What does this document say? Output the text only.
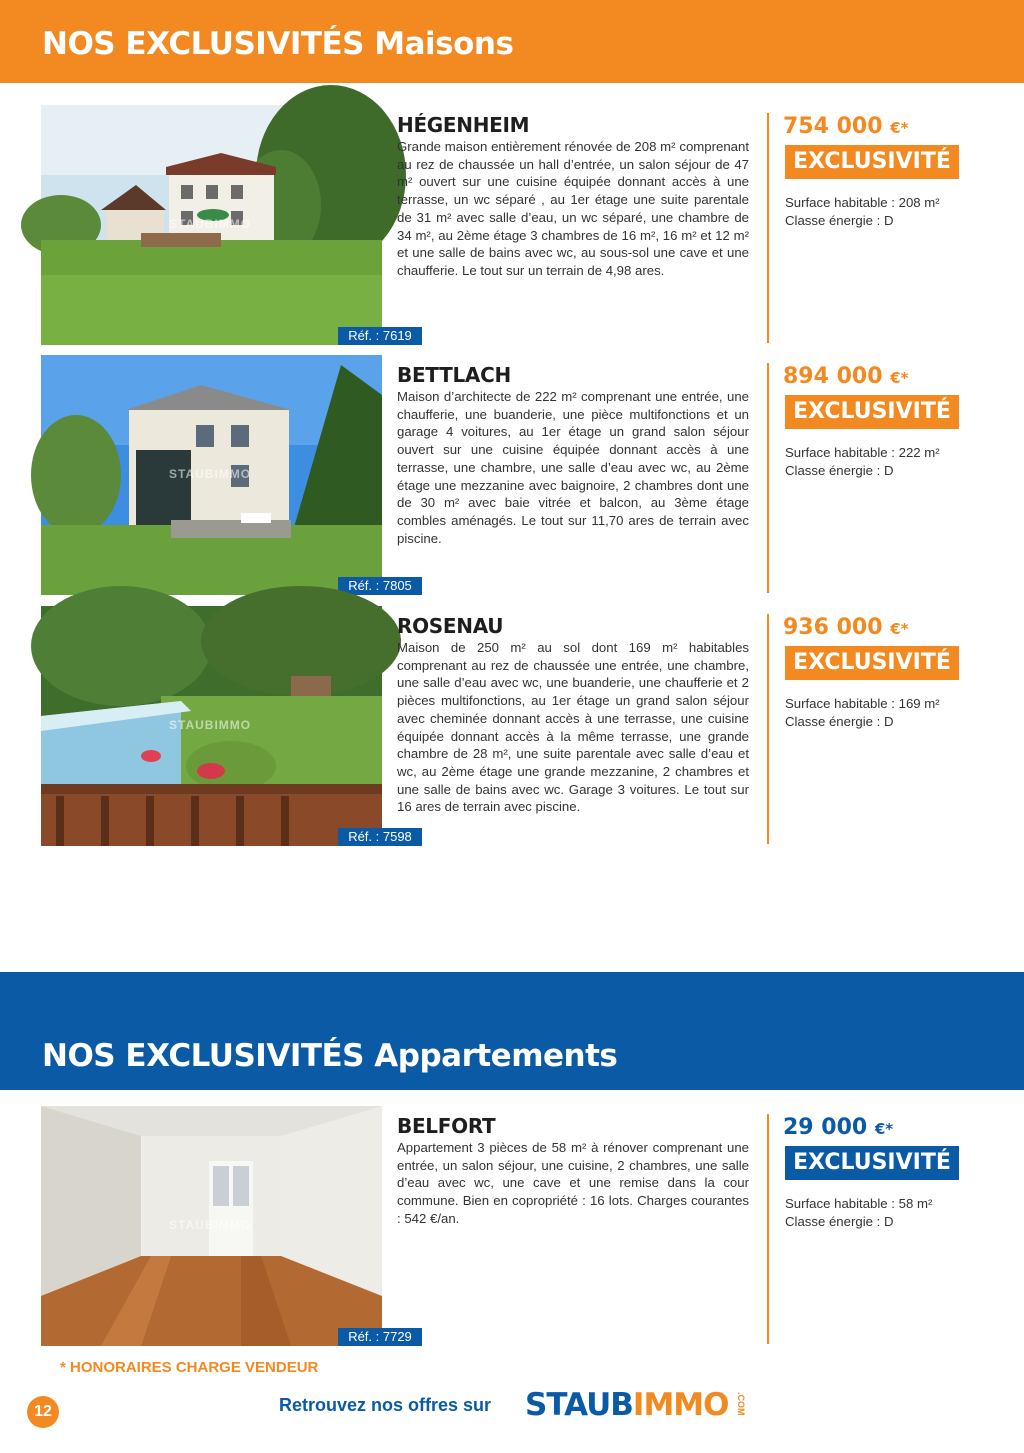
NOS EXCLUSIVITÉS Maisons
STAUBIMMO
Réf. : 7619
HÉGENHEIM
Grande maison entièrement rénovée de 208 m² comprenant au rez de chaussée un hall d’entrée, un salon séjour de 47 m² ouvert sur une cuisine équipée donnant accès à une terrasse, un wc séparé , au 1er étage une suite parentale de 31 m² avec salle d’eau, un wc séparé, une chambre de 34 m², au 2ème étage 3 chambres de 16 m², 16 m² et 12 m² et une salle de bains avec wc, au sous-sol une cave et une chaufferie. Le tout sur un terrain de 4,98 ares.
754 000 €*
EXCLUSIVITÉ
Surface habitable : 208 m²
Classe énergie : D
STAUBIMMO
Réf. : 7805
BETTLACH
Maison d’architecte de 222 m² comprenant une entrée, une chaufferie, une buanderie, une pièce multifonctions et un garage 4 voitures, au 1er étage un grand salon séjour ouvert sur une cuisine équipée donnant accès à une terrasse, une chambre, une salle d’eau avec wc, au 2ème étage une mezzanine avec baignoire, 2 chambres dont une de 30 m² avec baie vitrée et balcon, au 3ème étage combles aménagés. Le tout sur 11,70 ares de terrain avec piscine.
894 000 €*
EXCLUSIVITÉ
Surface habitable : 222 m²
Classe énergie : D
STAUBIMMO
Réf. : 7598
ROSENAU
Maison de 250 m² au sol dont 169 m² habitables comprenant au rez de chaussée une entrée, une chambre, une salle d’eau avec wc, une buanderie, une chaufferie et 2 pièces multifonctions, au 1er étage un grand salon séjour avec cheminée donnant accès à une terrasse, une cuisine équipée donnant accès à la même terrasse, une grande chambre de 28 m², une suite parentale avec salle d’eau et wc, au 2ème étage une grande mezzanine, 2 chambres et une salle de bains avec wc. Garage 3 voitures. Le tout sur 16 ares de terrain avec piscine.
936 000 €*
EXCLUSIVITÉ
Surface habitable : 169 m²
Classe énergie : D
NOS EXCLUSIVITÉS Appartements
STAUBIMMO
Réf. : 7729
BELFORT
Appartement 3 pièces de 58 m² à rénover comprenant une entrée, un salon séjour, une cuisine, 2 chambres, une salle d’eau avec wc, une cave et une remise dans la cour commune. Bien en copropriété : 16 lots. Charges courantes : 542 €/an.
29 000 €*
EXCLUSIVITÉ
Surface habitable : 58 m²
Classe énergie : D
* HONORAIRES CHARGE VENDEUR
12	Retrouvez nos offres sur STAUBIMMO .COM
